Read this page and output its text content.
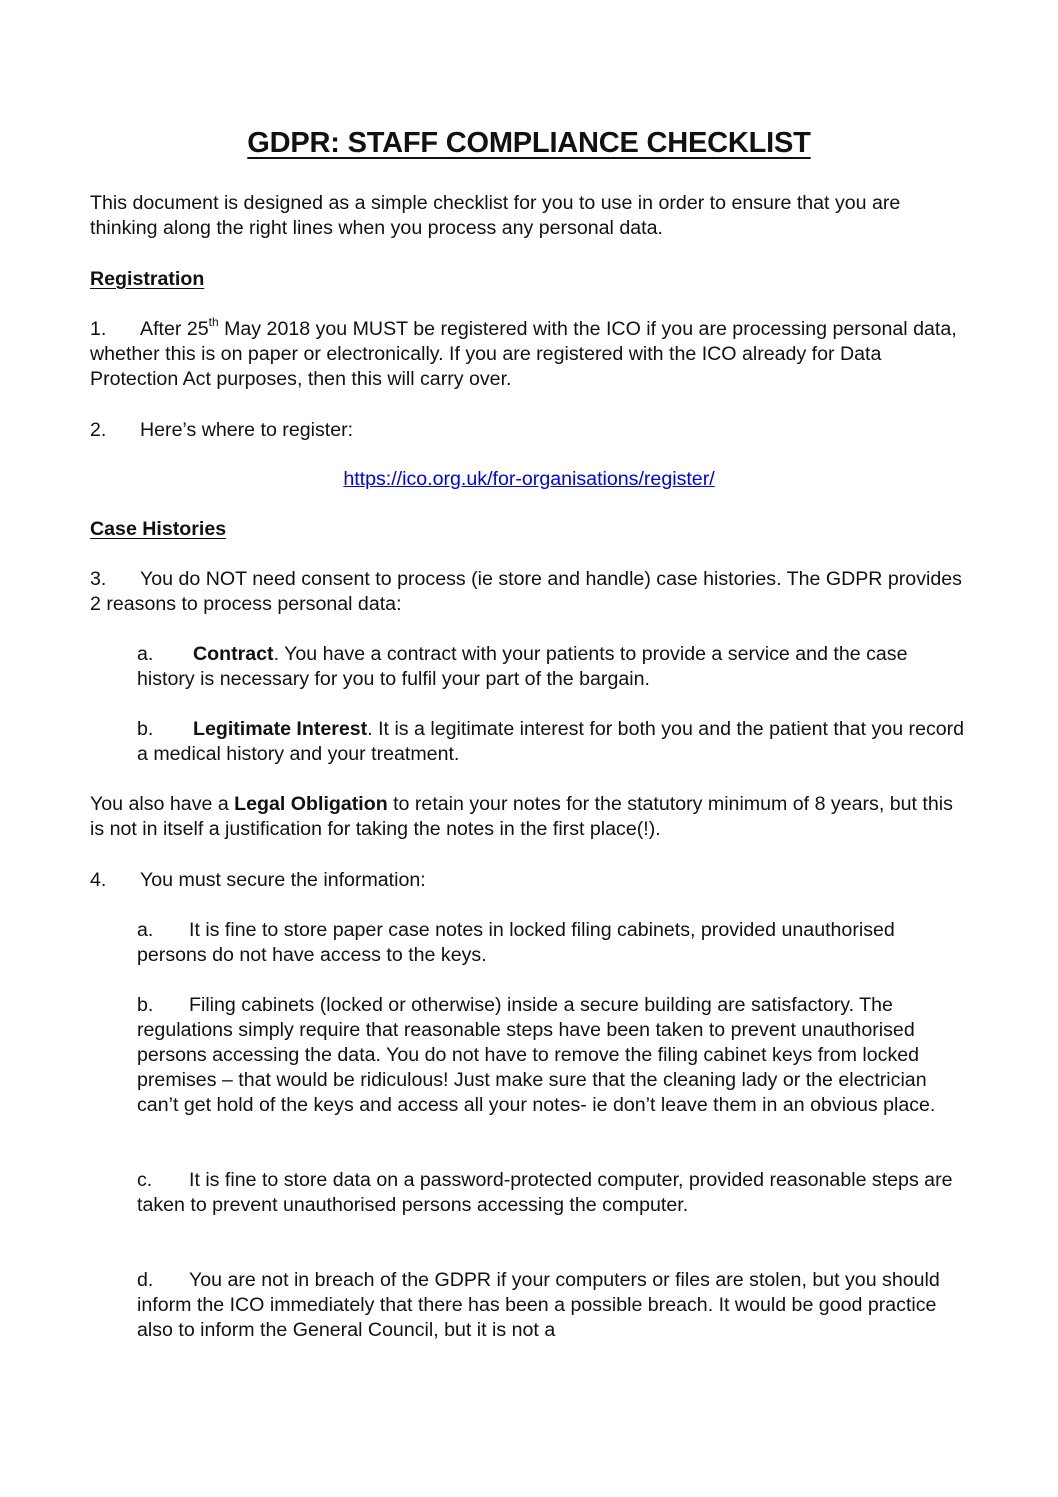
GDPR: STAFF COMPLIANCE CHECKLIST

This document is designed as a simple checklist for you to use in order to ensure that you are thinking along the right lines when you process any personal data.

Registration

1. After 25th May 2018 you MUST be registered with the ICO if you are processing personal data, whether this is on paper or electronically. If you are registered with the ICO already for Data Protection Act purposes, then this will carry over.

2. Here’s where to register:

https://ico.org.uk/for-organisations/register/

Case Histories

3. You do NOT need consent to process (ie store and handle) case histories. The GDPR provides 2 reasons to process personal data:

a. Contract. You have a contract with your patients to provide a service and the case history is necessary for you to fulfil your part of the bargain.

b. Legitimate Interest. It is a legitimate interest for both you and the patient that you record a medical history and your treatment.

You also have a Legal Obligation to retain your notes for the statutory minimum of 8 years, but this is not in itself a justification for taking the notes in the first place(!).

4. You must secure the information:

a. It is fine to store paper case notes in locked filing cabinets, provided unauthorised persons do not have access to the keys.

b. Filing cabinets (locked or otherwise) inside a secure building are satisfactory. The regulations simply require that reasonable steps have been taken to prevent unauthorised persons accessing the data. You do not have to remove the filing cabinet keys from locked premises – that would be ridiculous! Just make sure that the cleaning lady or the electrician can’t get hold of the keys and access all your notes- ie don’t leave them in an obvious place.

c. It is fine to store data on a password-protected computer, provided reasonable steps are taken to prevent unauthorised persons accessing the computer.

d. You are not in breach of the GDPR if your computers or files are stolen, but you should inform the ICO immediately that there has been a possible breach. It would be good practice also to inform the General Council, but it is not a
